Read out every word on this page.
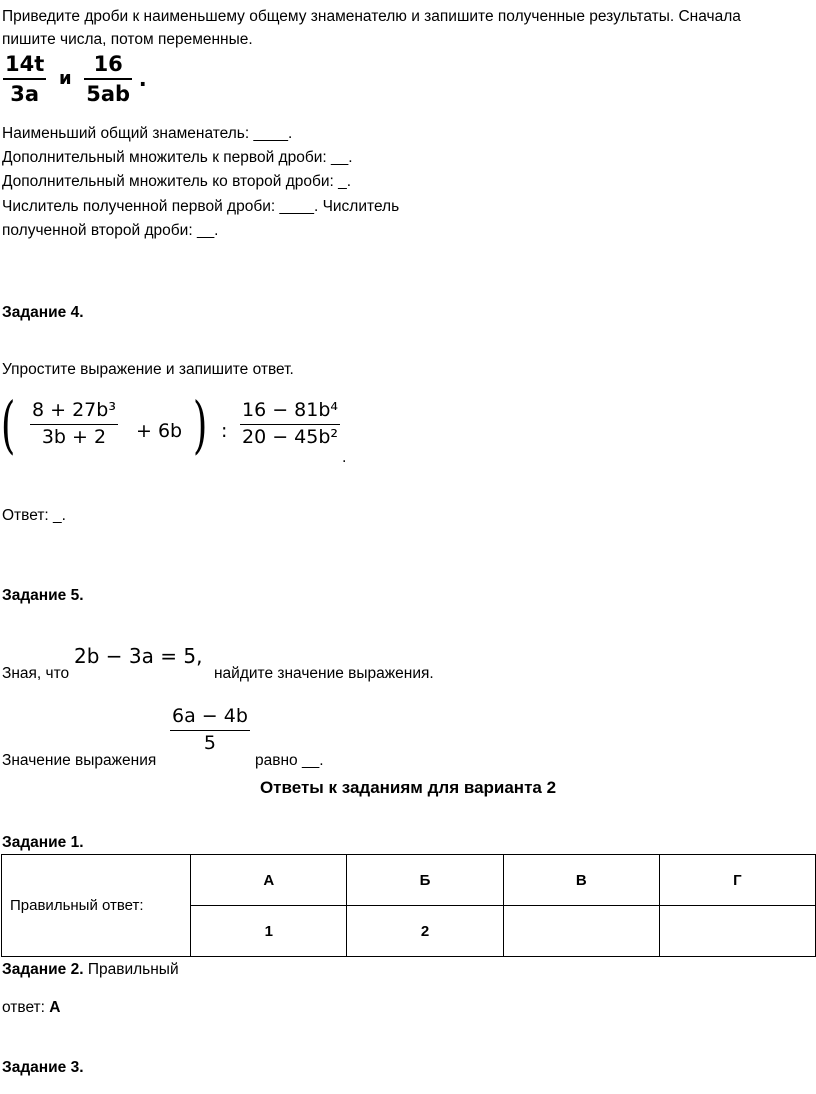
Приведите дроби к наименьшему общему знаменателю и запишите полученные результаты. Сначала
пишите числа, потом переменные.
$\frac{14t}{3a}$ и $\frac{16}{5ab}$ .
Наименьший общий знаменатель: ____.
Дополнительный множитель к первой дроби: __.
Дополнительный множитель ко второй дроби: _.
Числитель полученной первой дроби: ____. Числитель
полученной второй дроби: __.
Задание 4.
Упростите выражение и запишите ответ.
( 8 + 27b³
3b + 2 + 6b ) :
16 − 81b⁴
20 − 45b²
.
Ответ: _.
Задание 5.
Зная, что
2b − 3a = 5,
найдите значение выражения.
Значение выражения
$\frac{6a - 4b}{5}$
равно __.
Ответы к заданиям для варианта 2
Задание 1.
Правильный ответ:	А	Б	В	Г
	1	2		
Задание 2. Правильный
ответ: А
Задание 3.
